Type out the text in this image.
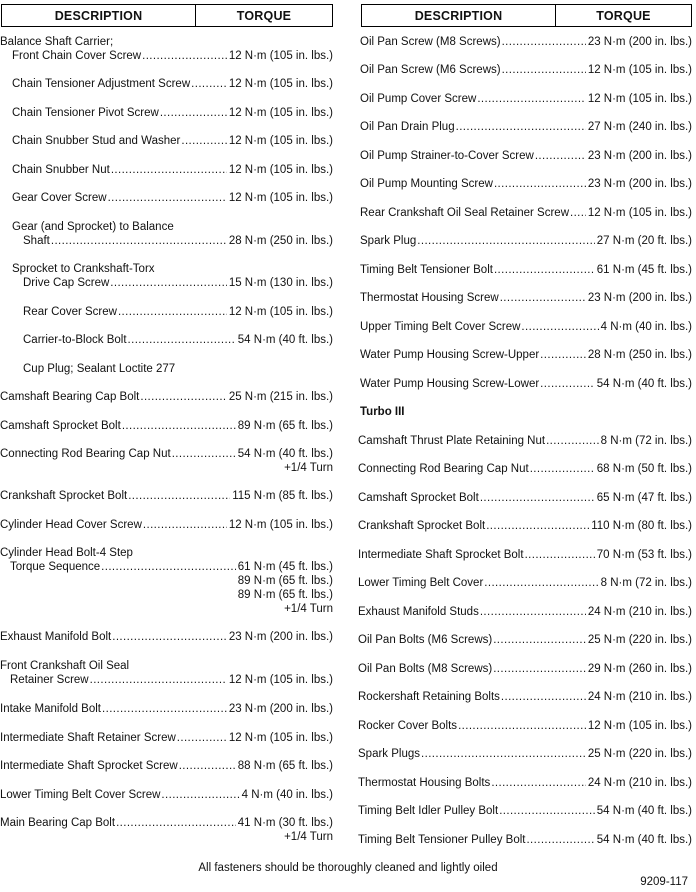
DESCRIPTION	TORQUE	DESCRIPTION	TORQUE
Balance Shaft Carrier;
Front Chain Cover Screw . . .	12 N·m (105 in. lbs.)
Chain Tensioner Adjustment Screw . . .	12 N·m (105 in. lbs.)
Chain Tensioner Pivot Screw . . .	12 N·m (105 in. lbs.)
Chain Snubber Stud and Washer . . .	12 N·m (105 in. lbs.)
Chain Snubber Nut . . .	12 N·m (105 in. lbs.)
Gear Cover Screw . . .	12 N·m (105 in. lbs.)
Gear (and Sprocket) to Balance
Shaft . . .	28 N·m (250 in. lbs.)
Sprocket to Crankshaft-Torx
Drive Cap Screw . . .	15 N·m (130 in. lbs.)
Rear Cover Screw . . .	12 N·m (105 in. lbs.)
Carrier-to-Block Bolt . . .	54 N·m (40 ft. lbs.)
Cup Plug; Sealant Loctite 277
Camshaft Bearing Cap Bolt . . .	25 N·m (215 in. lbs.)
Camshaft Sprocket Bolt . . .	89 N·m (65 ft. lbs.)
Connecting Rod Bearing Cap Nut . . .	54 N·m (40 ft. lbs.)
+1/4 Turn
Crankshaft Sprocket Bolt . . .	115 N·m (85 ft. lbs.)
Cylinder Head Cover Screw . . .	12 N·m (105 in. lbs.)
Cylinder Head Bolt-4 Step
Torque Sequence . . .	61 N·m (45 ft. lbs.)
89 N·m (65 ft. lbs.)
89 N·m (65 ft. lbs.)
+1/4 Turn
Exhaust Manifold Bolt . . .	23 N·m (200 in. lbs.)
Front Crankshaft Oil Seal
Retainer Screw . . .	12 N·m (105 in. lbs.)
Intake Manifold Bolt . . .	23 N·m (200 in. lbs.)
Intermediate Shaft Retainer Screw . . .	12 N·m (105 in. lbs.)
Intermediate Shaft Sprocket Screw . . .	88 N·m (65 ft. lbs.)
Lower Timing Belt Cover Screw . . .	4 N·m (40 in. lbs.)
Main Bearing Cap Bolt . . .	41 N·m (30 ft. lbs.)
+1/4 Turn
Oil Pan Screw (M8 Screws) . . .	23 N·m (200 in. lbs.)
Oil Pan Screw (M6 Screws) . . .	12 N·m (105 in. lbs.)
Oil Pump Cover Screw . . .	12 N·m (105 in. lbs.)
Oil Pan Drain Plug . . .	27 N·m (240 in. lbs.)
Oil Pump Strainer-to-Cover Screw . . .	23 N·m (200 in. lbs.)
Oil Pump Mounting Screw . . .	23 N·m (200 in. lbs.)
Rear Crankshaft Oil Seal Retainer Screw . . . 12 N·m (105 in. lbs.)
Spark Plug . . .	27 N·m (20 ft. lbs.)
Timing Belt Tensioner Bolt . . .	61 N·m (45 ft. lbs.)
Thermostat Housing Screw . . .	23 N·m (200 in. lbs.)
Upper Timing Belt Cover Screw . . .	4 N·m (40 in. lbs.)
Water Pump Housing Screw-Upper . . .	28 N·m (250 in. lbs.)
Water Pump Housing Screw-Lower . . .	54 N·m (40 ft. lbs.)
Turbo III
Camshaft Thrust Plate Retaining Nut . . .	8 N·m (72 in. lbs.)
Connecting Rod Bearing Cap Nut . . .	68 N·m (50 ft. lbs.)
Camshaft Sprocket Bolt . . .	65 N·m (47 ft. lbs.)
Crankshaft Sprocket Bolt . . .	110 N·m (80 ft. lbs.)
Intermediate Shaft Sprocket Bolt . . .	70 N·m (53 ft. lbs.)
Lower Timing Belt Cover . . .	8 N·m (72 in. lbs.)
Exhaust Manifold Studs . . .	24 N·m (210 in. lbs.)
Oil Pan Bolts (M6 Screws) . . .	25 N·m (220 in. lbs.)
Oil Pan Bolts (M8 Screws) . . .	29 N·m (260 in. lbs.)
Rockershaft Retaining Bolts . . .	24 N·m (210 in. lbs.)
Rocker Cover Bolts . . .	12 N·m (105 in. lbs.)
Spark Plugs . . .	25 N·m (220 in. lbs.)
Thermostat Housing Bolts . . .	24 N·m (210 in. lbs.)
Timing Belt Idler Pulley Bolt . . .	54 N·m (40 ft. lbs.)
Timing Belt Tensioner Pulley Bolt . . .	54 N·m (40 ft. lbs.)
All fasteners should be thoroughly cleaned and lightly oiled
9209-117
